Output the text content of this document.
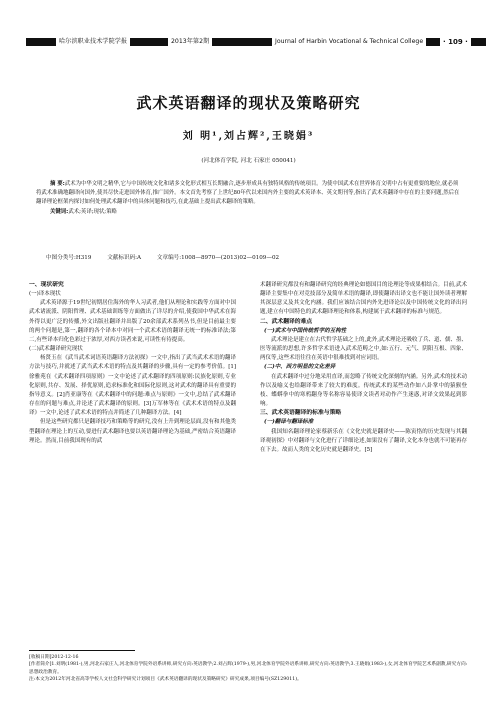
哈尔滨职业技术学院学报	2013年第2期	Journal of Harbin Vocational & Technical College	· 109 ·
武术英语翻译的现状及策略研究
刘 明¹,刘占辉²,王晓娟³
(河北体育学院, 河北 石家庄 050041)

摘 要:武术为中华文明之精华,它与中国传统文化和诸多文化形式相互长期融合,逐步形成具有独特风格的传统项目。为使中国武术在世界体育文明中占有更重要的地位,就必须将武术准确地翻译向国外,使其尽快走进国外体育,推广国外。本文首先考察了上世纪80年代以来国内外主要的武术英译本、英文期刊等,指出了武术英翻译中存在的主要问题,然后在翻译理论框架内探讨如何处理武术翻译中的具体问题和技巧,在此基础上提出武术翻译的策略。

关键词:武术;英译;现状;策略

中图分类号:H319	文献标识码:A	文章编号:1008—8970—(2013)02—0109—02

一、现状研究

(一)译本现状

武术英译源于19世纪初期居住海外的华人习武者,他们从理论和实践等方面对中国武术诸流派、阴阳哲理、武术基础训练等方面做出了详尽的介绍,使我国中华武术在海外得以更广泛的传播,外文出版社翻译并出版了20余部武术系列丛书,但是目前最主要的两个问题是,第一,翻译的各个译本中对同一个武术术语的翻译无统一的标准译法;第二,有些译本归化色彩过于浓厚,对西方读者来说,可读性有待提高。

(二)武术翻译研究现状

杨贤玉在《武当武术词语英语翻译方法初探》一文中,指出了武当武术术语的翻译方法与技巧,并就述了武当武术术语的特点及其翻译的步骤,具有一定的参考价值。[1]徐雅苑在《武术翻译四项原则》一文中论述了武术翻译的四项原则:民族化原则,专业化原则,共存、发展、择优原则,追求标准化和国际化原则,这对武术的翻译具有重要的指导意义。[2]肖亚康等在《武术翻译中的问题:难点与原则》一文中,总结了武术翻译存在的问题与难点,并论述了武术翻译的原则。[3]万军林等在《武术术语的特点及翻译》一文中,论述了武术术语的特点并简述了几种翻译方法。[4]

但是这些研究都只是翻译技巧和策略等的研究,没有上升到理论层面,没有和其他类型翻译在理论上的互动,要进行武术翻译也要以英语翻译理论为基础,严密结合英语翻译理论。然而,目前我国现有的武

术翻译研究都没有和翻译研究的经典理论如德国目的论理论等成果相结合。目前,武术翻译主要集中在对竞技部分及简单术语的翻译,即使翻译出译文也不能让国外读者理解其深层意义及其文化内涵。我们应该结合国内外先进译论以及中国传统文化的译出问题,建立有中国特色的武术翻译理论和体系,构建属于武术翻译的标准与规范。

二、武术翻译的难点

(一)武术与中国传统哲学的互构性

武术理论是建立在古代哲学基础之上的,此外,武术理论还吸收了兵、道、儒、墨、医等流派的思想,许多哲学术语进入武术范畴之中,如:五行、元气、阴阳互根、四象、两仪等,这些术语往往在英语中很难找到对应词语。

(二)中、西方明显的文化差异

在武术翻译中过分地采用直译,而忽略了传统文化深刻的内涵。另外,武术的技术动作以及喻义也给翻译带来了较大的难度。传统武术的某些动作如八卦掌中的猿猴登枝、蝶蟒拳中的寒鸦翻身等名称容易使译文读者对动作产生迷惑,对译文效果起到影响。

三、武术英语翻译的标准与策略

(一)翻译与翻译标准

我国知名翻译理论家蔡新乐在《文化史就是翻译史——陈寅恪的历史发现与其翻译观初探》中对翻译与文化进行了详细论述,如果没有了翻译,文化本身也就不可能再存在下去。故而人类的文化历史就是翻译史。[5]

[收稿日期]2012-12-16

[作者简介]1.刘明(1981-),男,河北石家庄人,河北体育学院外语系讲师,研究方向:英语教学;2.刘占辉(1979-),男,河北体育学院外语系讲师,研究方向:英语教学;3.王晓娟(1983-),女,河北体育学院艺术系副教,研究方向:思想政治教育。

注:本文为2012年河北省高等学校人文社会科学研究计划项目《武术英语翻译的现状及策略研究》研究成果,项目编号(SZ129011)。
